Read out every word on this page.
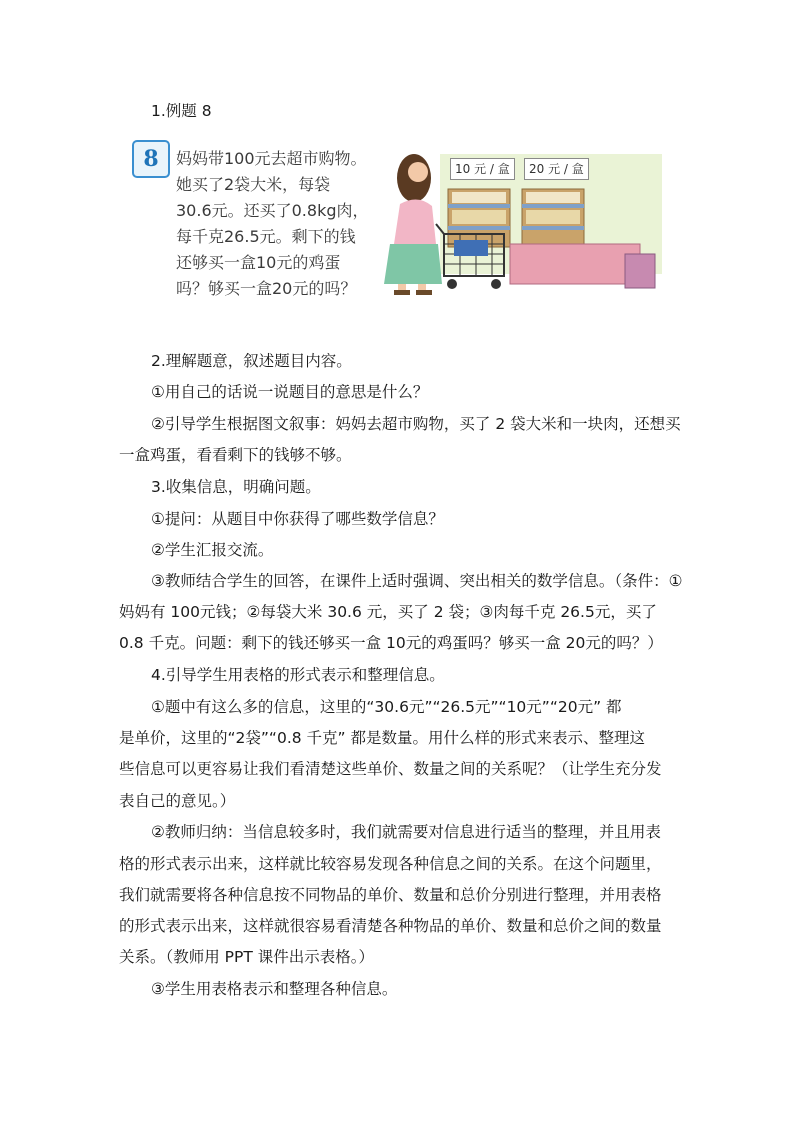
1.例题 8
8	妈妈带100元去超市购物。
她买了2袋大米，每袋
30.6元。还买了0.8kg肉，
每千克26.5元。剩下的钱
还够买一盒10元的鸡蛋
吗？够买一盒20元的吗？
10 元 / 盒	20 元 / 盒
2.理解题意，叙述题目内容。
①用自己的话说一说题目的意思是什么？
②引导学生根据图文叙事：妈妈去超市购物，买了 2 袋大米和一块肉，还想买
一盒鸡蛋，看看剩下的钱够不够。
3.收集信息，明确问题。
①提问：从题目中你获得了哪些数学信息？
②学生汇报交流。
③教师结合学生的回答，在课件上适时强调、突出相关的数学信息。（条件：①
妈妈有 100元钱；②每袋大米 30.6 元，买了 2 袋；③肉每千克 26.5元，买了
0.8 千克。问题：剩下的钱还够买一盒 10元的鸡蛋吗？够买一盒 20元的吗？）
4.引导学生用表格的形式表示和整理信息。
①题中有这么多的信息，这里的“30.6元”“26.5元”“10元”“20元” 都
是单价，这里的“2袋”“0.8 千克” 都是数量。用什么样的形式来表示、整理这
些信息可以更容易让我们看清楚这些单价、数量之间的关系呢？（让学生充分发
表自己的意见。）
②教师归纳：当信息较多时，我们就需要对信息进行适当的整理，并且用表
格的形式表示出来，这样就比较容易发现各种信息之间的关系。在这个问题里，
我们就需要将各种信息按不同物品的单价、数量和总价分别进行整理，并用表格
的形式表示出来，这样就很容易看清楚各种物品的单价、数量和总价之间的数量
关系。（教师用 PPT 课件出示表格。）
③学生用表格表示和整理各种信息。
